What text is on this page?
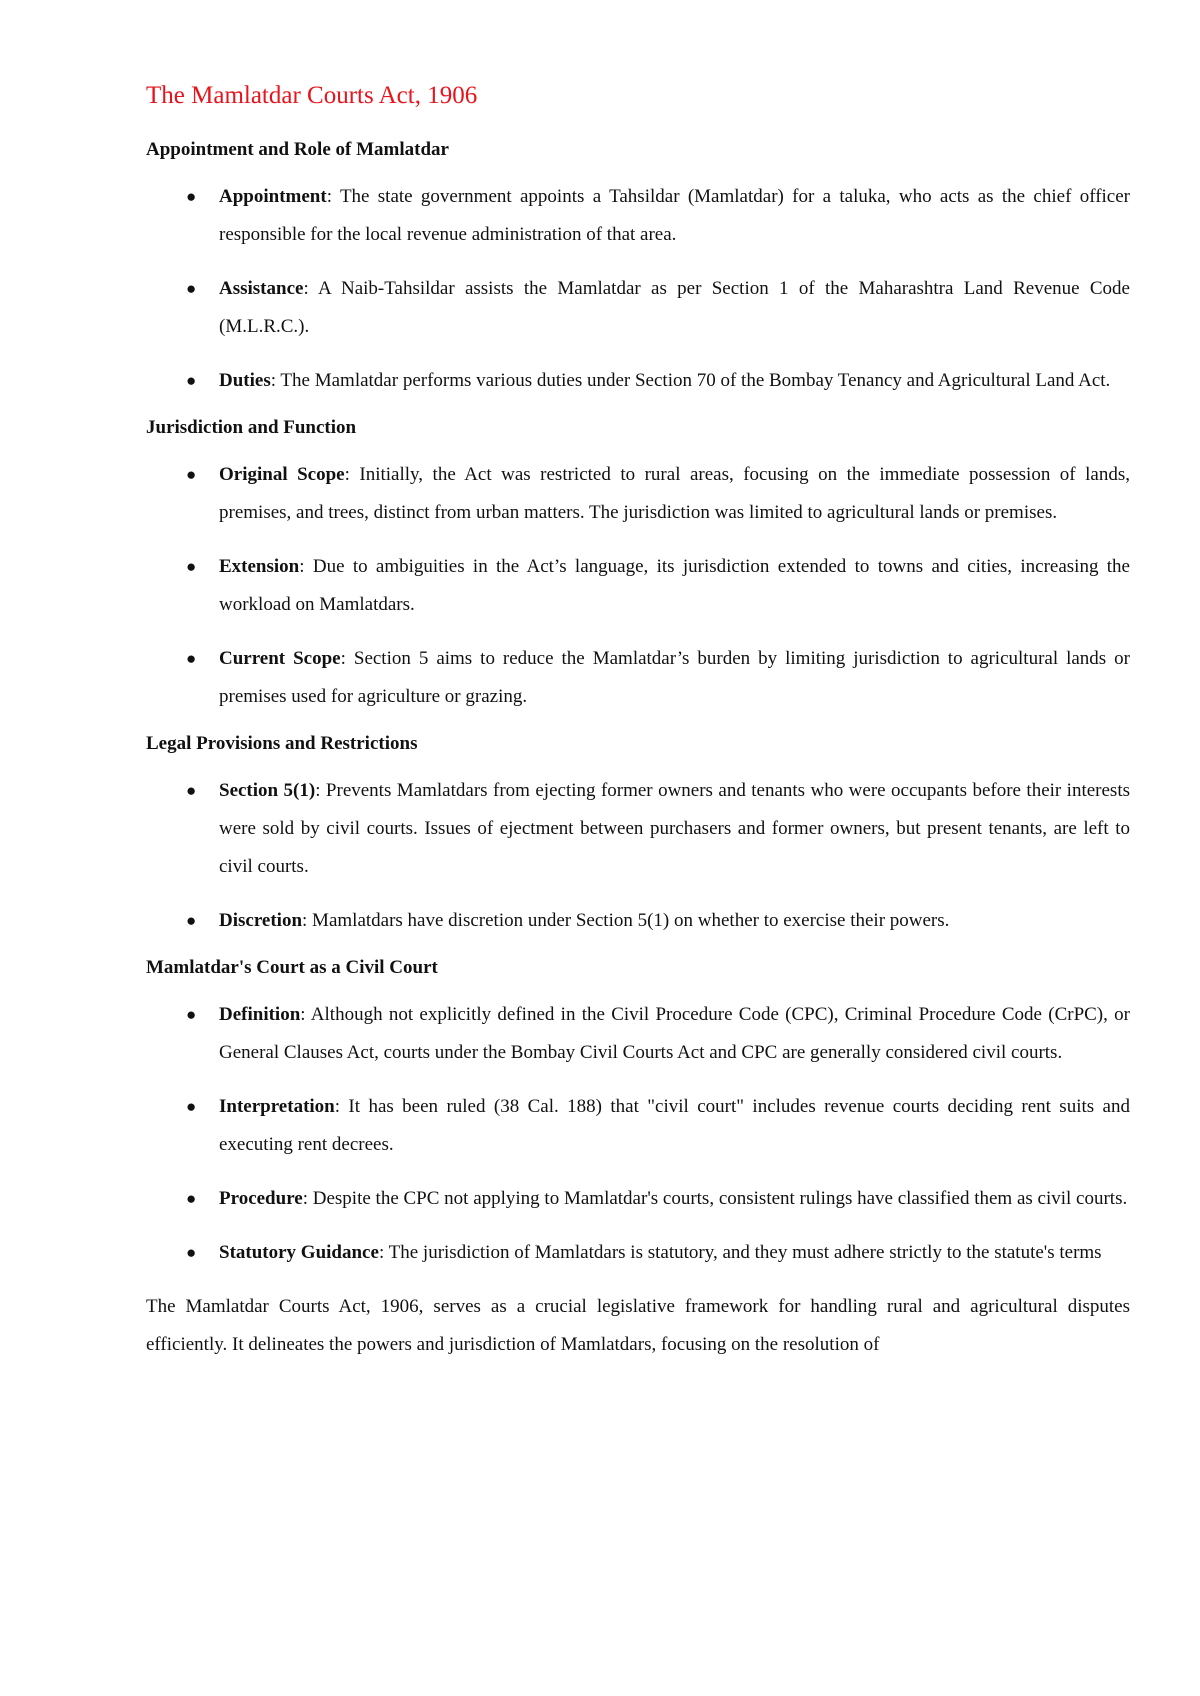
The Mamlatdar Courts Act, 1906
Appointment and Role of Mamlatdar
●	Appointment: The state government appoints a Tahsildar (Mamlatdar) for a taluka, who acts as the chief officer responsible for the local revenue administration of that area.
●	Assistance: A Naib-Tahsildar assists the Mamlatdar as per Section 1 of the Maharashtra Land Revenue Code (M.L.R.C.).
●	Duties: The Mamlatdar performs various duties under Section 70 of the Bombay Tenancy and Agricultural Land Act.
Jurisdiction and Function
●	Original Scope: Initially, the Act was restricted to rural areas, focusing on the immediate possession of lands, premises, and trees, distinct from urban matters. The jurisdiction was limited to agricultural lands or premises.
●	Extension: Due to ambiguities in the Act’s language, its jurisdiction extended to towns and cities, increasing the workload on Mamlatdars.
●	Current Scope: Section 5 aims to reduce the Mamlatdar’s burden by limiting jurisdiction to agricultural lands or premises used for agriculture or grazing.
Legal Provisions and Restrictions
●	Section 5(1): Prevents Mamlatdars from ejecting former owners and tenants who were occupants before their interests were sold by civil courts. Issues of ejectment between purchasers and former owners, but present tenants, are left to civil courts.
●	Discretion: Mamlatdars have discretion under Section 5(1) on whether to exercise their powers.
Mamlatdar's Court as a Civil Court
●	Definition: Although not explicitly defined in the Civil Procedure Code (CPC), Criminal Procedure Code (CrPC), or General Clauses Act, courts under the Bombay Civil Courts Act and CPC are generally considered civil courts.
●	Interpretation: It has been ruled (38 Cal. 188) that "civil court" includes revenue courts deciding rent suits and executing rent decrees.
●	Procedure: Despite the CPC not applying to Mamlatdar's courts, consistent rulings have classified them as civil courts.
●	Statutory Guidance: The jurisdiction of Mamlatdars is statutory, and they must adhere strictly to the statute's terms

The Mamlatdar Courts Act, 1906, serves as a crucial legislative framework for handling rural and agricultural disputes efficiently. It delineates the powers and jurisdiction of Mamlatdars, focusing on the resolution of
